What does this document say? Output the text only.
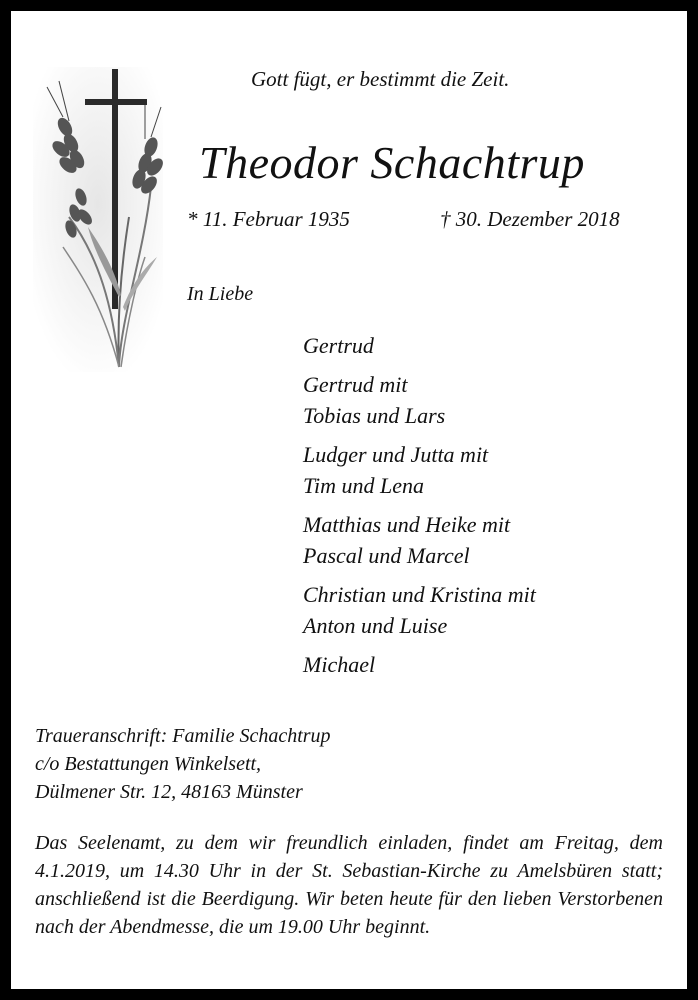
Gott fügt, er bestimmt die Zeit.
Theodor Schachtrup
* 11. Februar 1935	† 30. Dezember 2018
In Liebe
Gertrud
Gertrud mit
Tobias und Lars
Ludger und Jutta mit
Tim und Lena
Matthias und Heike mit
Pascal und Marcel
Christian und Kristina mit
Anton und Luise
Michael
Traueranschrift: Familie Schachtrup
c/o Bestattungen Winkelsett,
Dülmener Str. 12, 48163 Münster
Das Seelenamt, zu dem wir freundlich einladen, findet am Freitag, dem 4.1.2019, um 14.30 Uhr in der St. Sebastian-Kirche zu Amelsbüren statt; anschließend ist die Beerdigung. Wir beten heute für den lieben Verstorbenen nach der Abendmesse, die um 19.00 Uhr beginnt.
